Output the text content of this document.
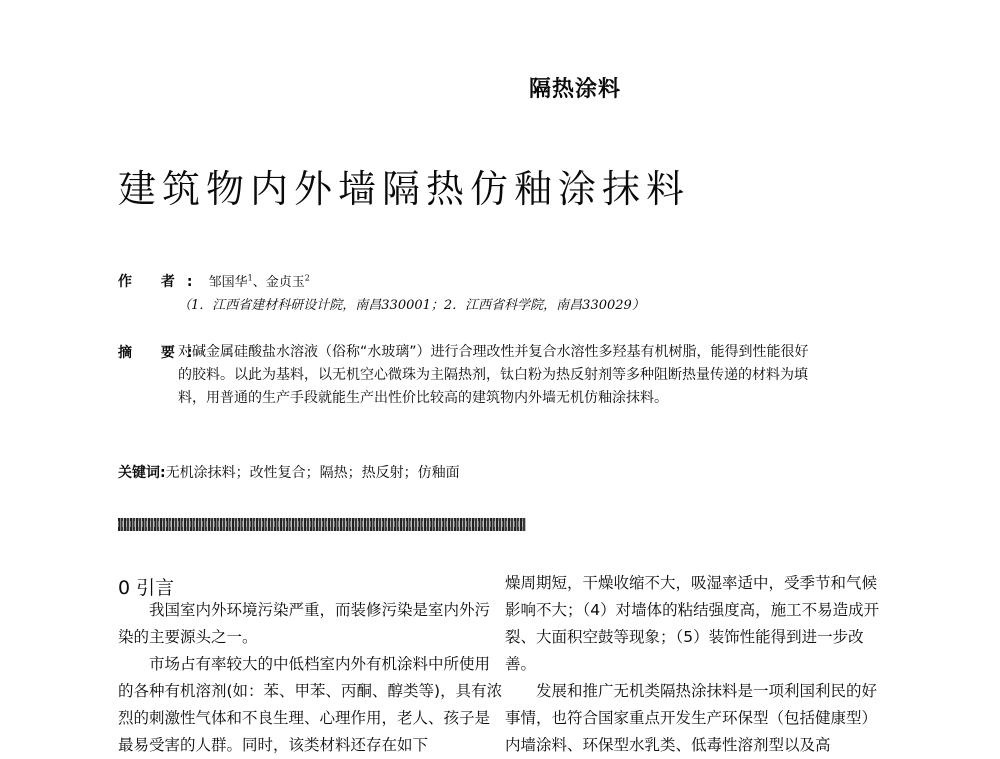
隔热涂料
建筑物内外墙隔热仿釉涂抹料
作 者: 邹国华$^1$、金贞玉$^2$
（1．江西省建材科研设计院，南昌330001；2．江西省科学院，南昌330029）
摘 要:

对碱金属硅酸盐水溶液（俗称“水玻璃”）进行合理改性并复合水溶性多羟基有机树脂，能得到性能很好的胶料。以此为基料，以无机空心微珠为主隔热剂，钛白粉为热反射剂等多种阻断热量传递的材料为填料，用普通的生产手段就能生产出性价比较高的建筑物内外墙无机仿釉涂抹料。

关键词:无机涂抹料；改性复合；隔热；热反射；仿釉面
0 引言

我国室内外环境污染严重，而装修污染是室内外污染的主要源头之一。

市场占有率较大的中低档室内外有机涂料中所使用的各种有机溶剂(如：苯、甲苯、丙酮、醇类等)，具有浓烈的刺激性气体和不良生理、心理作用，老人、孩子是最易受害的人群。同时，该类材料还存在如下

燥周期短，干燥收缩不大，吸湿率适中，受季节和气候影响不大；（4）对墙体的粘结强度高，施工不易造成开裂、大面积空鼓等现象；（5）装饰性能得到进一步改善。

发展和推广无机类隔热涂抹料是一项利国利民的好事情，也符合国家重点开发生产环保型（包括健康型）内墙涂料、环保型水乳类、低毒性溶剂型以及高
